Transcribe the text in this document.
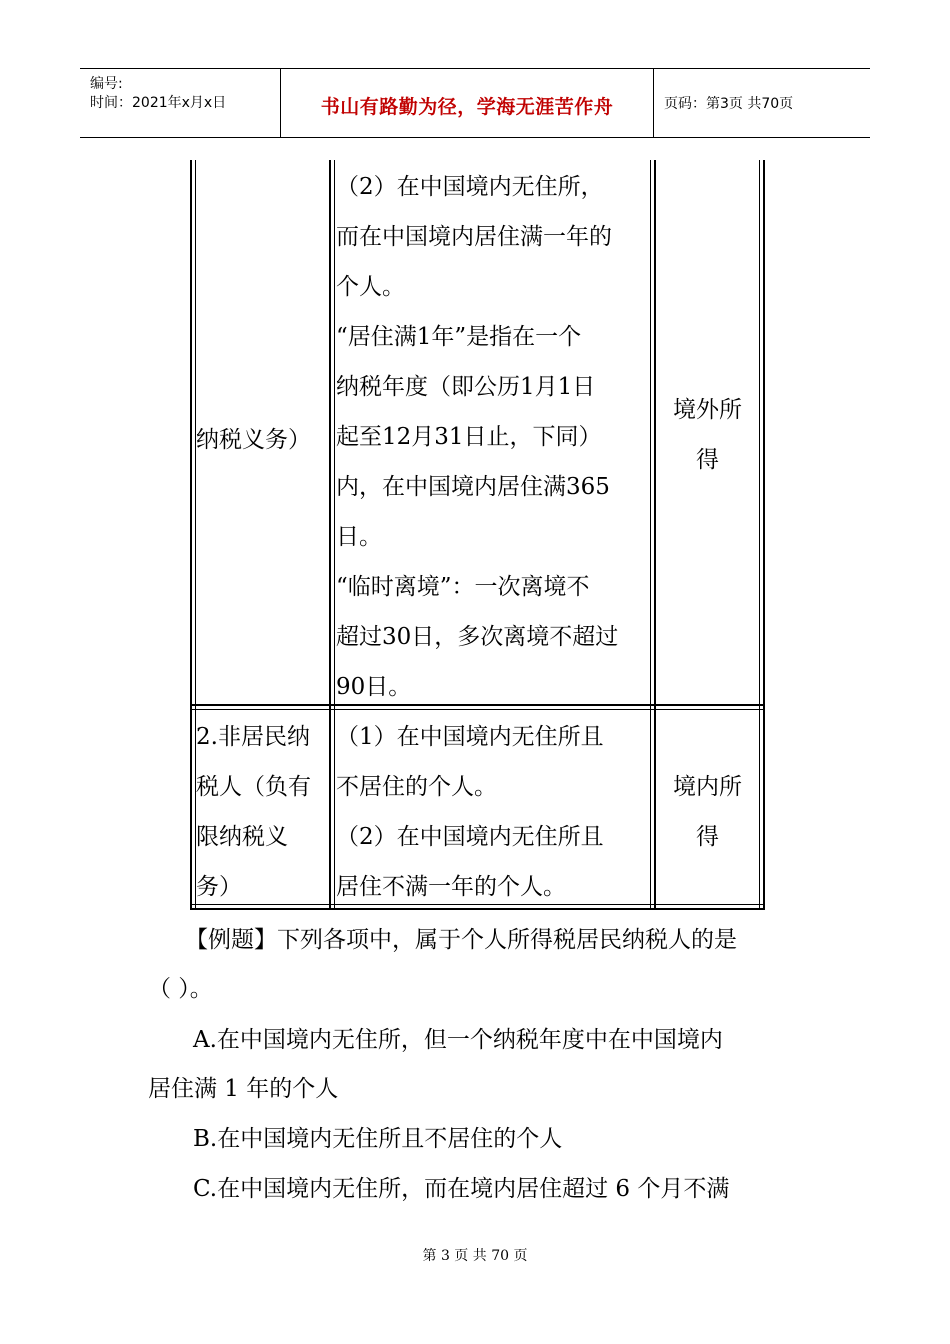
编号:
时间：2021年x月x日	书山有路勤为径，学海无涯苦作舟	页码：第3页 共70页

纳税义务）

（2）在中国境内无住所，

而在中国境内居住满一年的

个人。

“居住满1年”是指在一个

纳税年度（即公历1月1日

起至12月31日止，下同）

内，在中国境内居住满365

日。

“临时离境”：一次离境不

超过30日，多次离境不超过

90日。

境外所

得

2.非居民纳

税人（负有

限纳税义

务）

（1）在中国境内无住所且

不居住的个人。

（2）在中国境内无住所且

居住不满一年的个人。

境内所

得

【例题】下列各项中，属于个人所得税居民纳税人的是
（ ）。
A.在中国境内无住所，但一个纳税年度中在中国境内
居住满 1 年的个人
B.在中国境内无住所且不居住的个人
C.在中国境内无住所，而在境内居住超过 6 个月不满
第 3 页 共 70 页
